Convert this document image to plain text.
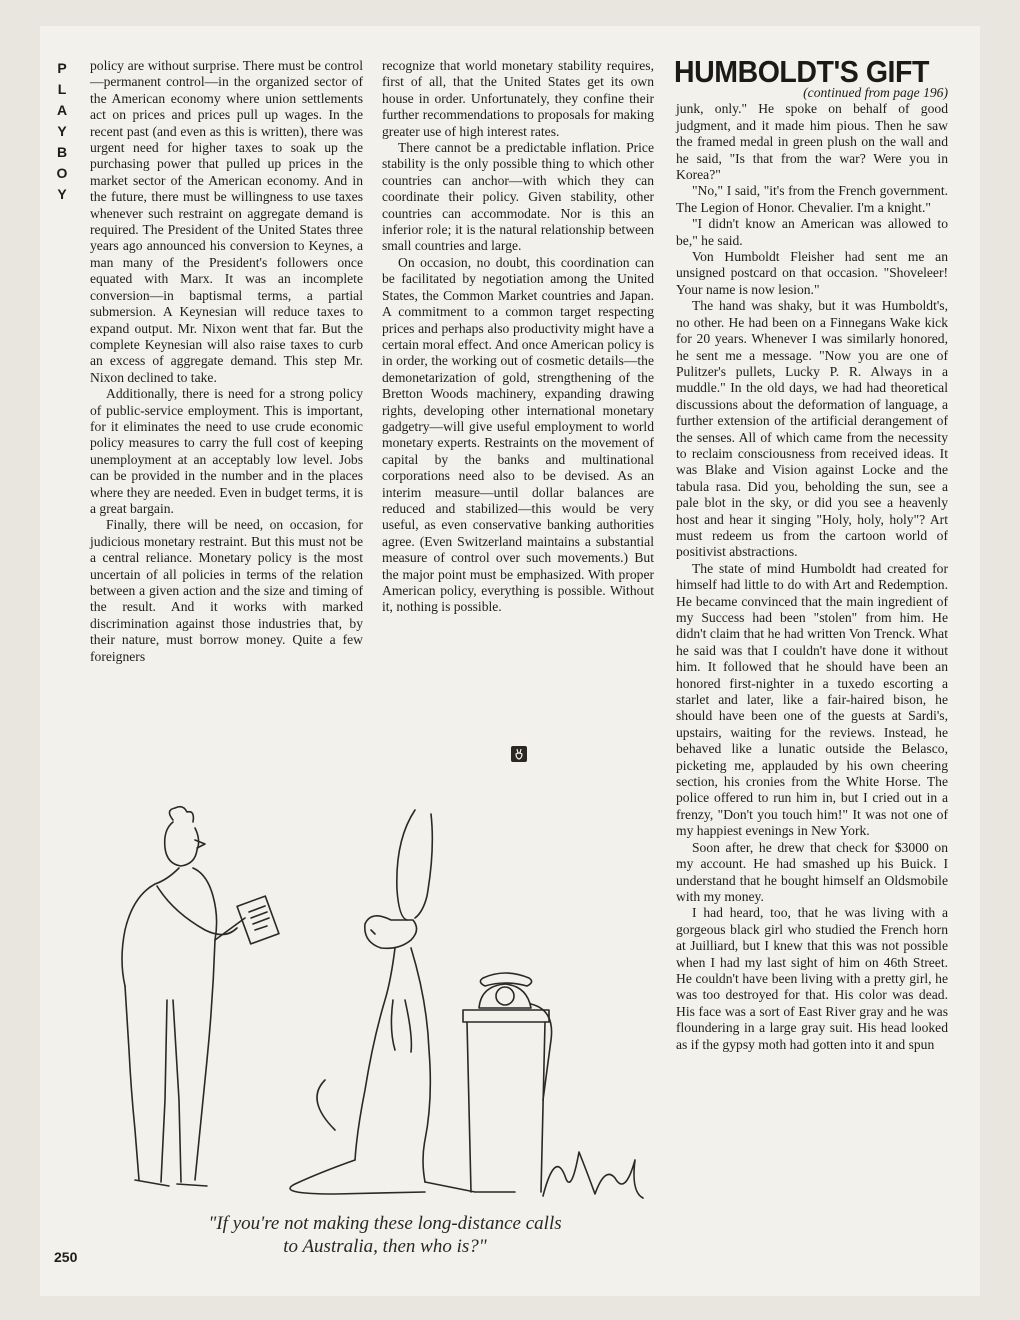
P
L
A
Y
B
O
Y

policy are without surprise. There must be control—permanent control—in the organized sector of the American economy where union settlements act on prices and prices pull up wages. In the recent past (and even as this is written), there was urgent need for higher taxes to soak up the purchasing power that pulled up prices in the market sector of the American economy. And in the future, there must be willingness to use taxes whenever such restraint on aggregate demand is required. The President of the United States three years ago announced his conversion to Keynes, a man many of the President's followers once equated with Marx. It was an incomplete conversion—in baptismal terms, a partial submersion. A Keynesian will reduce taxes to expand output. Mr. Nixon went that far. But the complete Keynesian will also raise taxes to curb an excess of aggregate demand. This step Mr. Nixon declined to take.

Additionally, there is need for a strong policy of public-service employment. This is important, for it eliminates the need to use crude economic policy measures to carry the full cost of keeping unemployment at an acceptably low level. Jobs can be provided in the number and in the places where they are needed. Even in budget terms, it is a great bargain.

Finally, there will be need, on occasion, for judicious monetary restraint. But this must not be a central reliance. Monetary policy is the most uncertain of all policies in terms of the relation between a given action and the size and timing of the result. And it works with marked discrimination against those industries that, by their nature, must borrow money. Quite a few foreigners

recognize that world monetary stability requires, first of all, that the United States get its own house in order. Unfortunately, they confine their further recommendations to proposals for making greater use of high interest rates.

There cannot be a predictable inflation. Price stability is the only possible thing to which other countries can anchor—with which they can coordinate their policy. Given stability, other countries can accommodate. Nor is this an inferior role; it is the natural relationship between small countries and large.

On occasion, no doubt, this coordination can be facilitated by negotiation among the United States, the Common Market countries and Japan. A commitment to a common target respecting prices and perhaps also productivity might have a certain moral effect. And once American policy is in order, the working out of cosmetic details—the demonetarization of gold, strengthening of the Bretton Woods machinery, expanding drawing rights, developing other international monetary gadgetry—will give useful employment to world monetary experts. Restraints on the movement of capital by the banks and multinational corporations need also to be devised. As an interim measure—until dollar balances are reduced and stabilized—this would be very useful, as even conservative banking authorities agree. (Even Switzerland maintains a substantial measure of control over such movements.) But the major point must be emphasized. With proper American policy, everything is possible. Without it, nothing is possible.

HUMBOLDT'S GIFT
(continued from page 196)

junk, only." He spoke on behalf of good judgment, and it made him pious. Then he saw the framed medal in green plush on the wall and he said, "Is that from the war? Were you in Korea?"

"No," I said, "it's from the French government. The Legion of Honor. Chevalier. I'm a knight."

"I didn't know an American was allowed to be," he said.

Von Humboldt Fleisher had sent me an unsigned postcard on that occasion. "Shoveleer! Your name is now lesion."

The hand was shaky, but it was Humboldt's, no other. He had been on a Finnegans Wake kick for 20 years. Whenever I was similarly honored, he sent me a message. "Now you are one of Pulitzer's pullets, Lucky P. R. Always in a muddle." In the old days, we had had theoretical discussions about the deformation of language, a further extension of the artificial derangement of the senses. All of which came from the necessity to reclaim consciousness from received ideas. It was Blake and Vision against Locke and the tabula rasa. Did you, beholding the sun, see a pale blot in the sky, or did you see a heavenly host and hear it singing "Holy, holy, holy"? Art must redeem us from the cartoon world of positivist abstractions.

The state of mind Humboldt had created for himself had little to do with Art and Redemption. He became convinced that the main ingredient of my Success had been "stolen" from him. He didn't claim that he had written Von Trenck. What he said was that I couldn't have done it without him. It followed that he should have been an honored first-nighter in a tuxedo escorting a starlet and later, like a fair-haired bison, he should have been one of the guests at Sardi's, upstairs, waiting for the reviews. Instead, he behaved like a lunatic outside the Belasco, picketing me, applauded by his own cheering section, his cronies from the White Horse. The police offered to run him in, but I cried out in a frenzy, "Don't you touch him!" It was not one of my happiest evenings in New York.

Soon after, he drew that check for $3000 on my account. He had smashed up his Buick. I understand that he bought himself an Oldsmobile with my money.

I had heard, too, that he was living with a gorgeous black girl who studied the French horn at Juilliard, but I knew that this was not possible when I had my last sight of him on 46th Street. He couldn't have been living with a pretty girl, he was too destroyed for that. His color was dead. His face was a sort of East River gray and he was floundering in a large gray suit. His head looked as if the gypsy moth had gotten into it and spun

"If you're not making these long-distance calls
to Australia, then who is?"
250
